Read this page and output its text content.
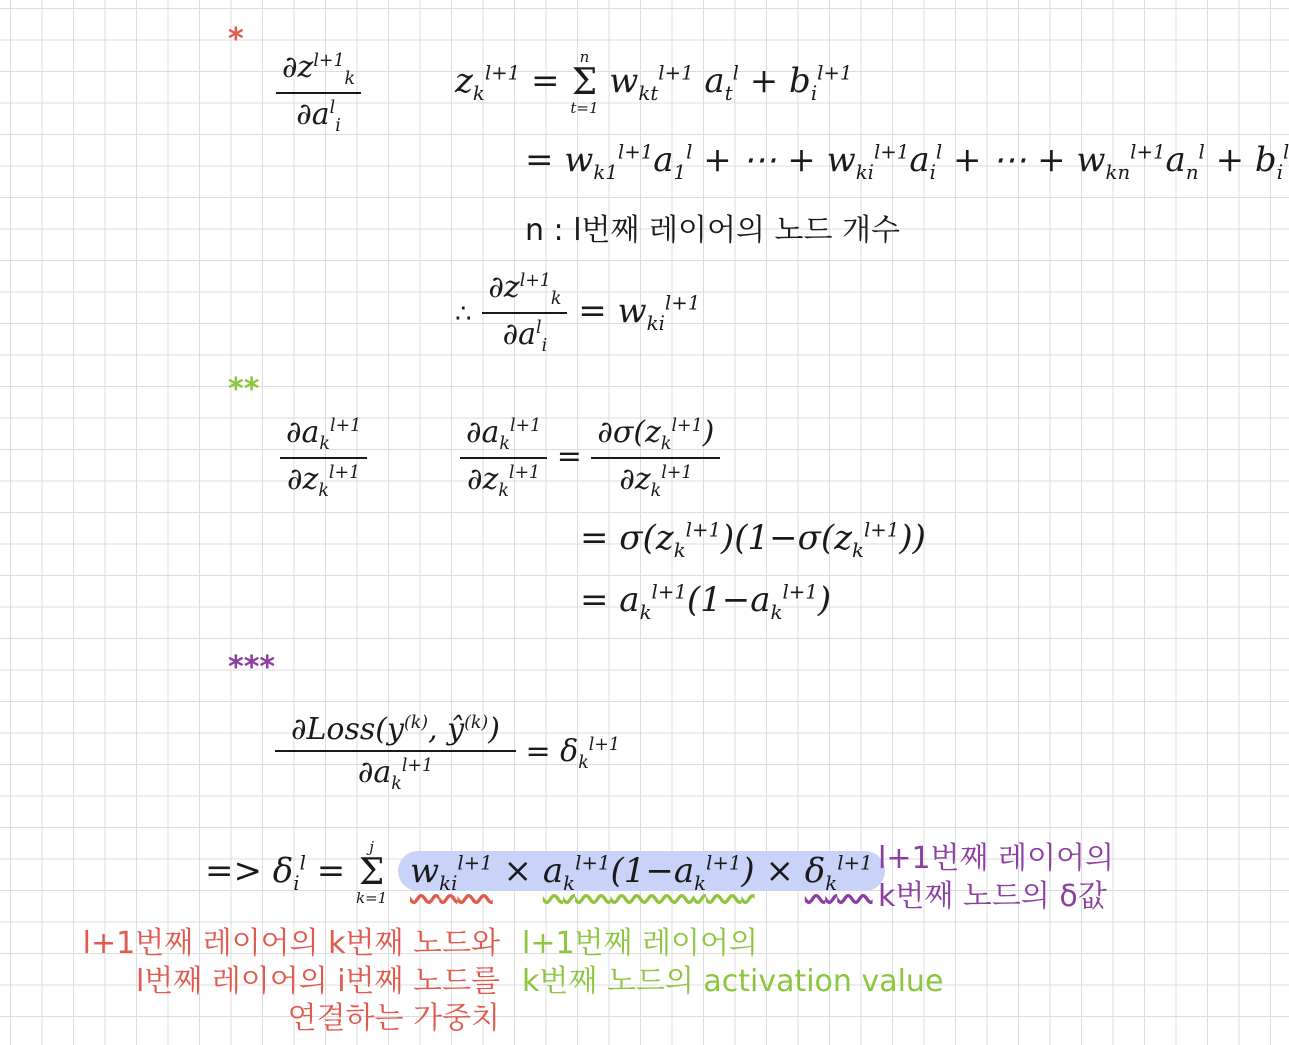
*
$\frac{\partial z^{l+1}_k}{\partial a^l_i}$	$z_k^{l+1}$ =
n
Σ
t=1
$w_{kt}^{l+1}$ $a_t^l + b_i^{l+1}$
= $w_{k1}^{l+1}a_1^l$ + ⋯ + $w_{ki}^{l+1}a_i^l$ + ⋯ + $w_{kn}^{l+1}a_n^l + b_i^l$
n : l번째 레이어의 노드 개수
∴ $\frac{\partial z^{l+1}_k}{\partial a^l_i} = w_{ki}^{l+1}$
**
$\frac{\partial a_k^{l+1}}{\partial z_k^{l+1}}$	$\frac{\partial a_k^{l+1}}{\partial z_k^{l+1}} = \frac{\partial\sigma(z_k^{l+1})}{\partial z_k^{l+1}}$
= $\sigma(z_k^{l+1})(1-\sigma(z_k^{l+1}))$
= $a_k^{l+1}(1-a_k^{l+1})$
***
$\frac{\partial Loss(y^{(k)}, ŷ^{(k)})}{\partial a_k^{l+1}} = \delta_k^{l+1}$
=> $\delta_i^l$ =
j
Σ
k=1
$w_{ki}^{l+1} \times a_k^{l+1}(1-a_k^{l+1}) \times \delta_k^{l+1}$ l+1번째 레이어의
k번째 노드의 δ값
l+1번째 레이어의 k번째 노드와
l번째 레이어의 i번째 노드를
연결하는 가중치
l+1번째 레이어의
k번째 노드의 activation value
